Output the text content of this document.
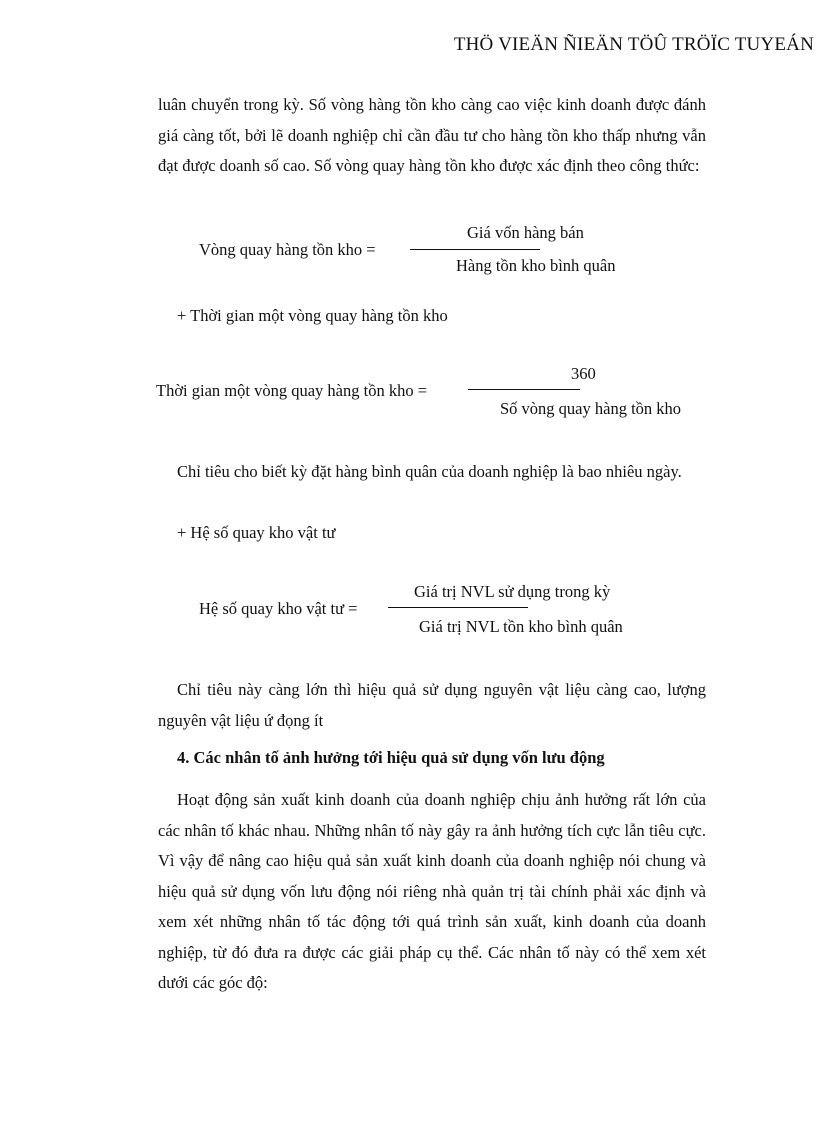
THÖ VIEÄN ÑIEÄN TÖÛ TRÖÏC TUYEÁN

luân chuyển trong kỳ. Số vòng hàng tồn kho càng cao việc kinh doanh được đánh giá càng tốt, bởi lẽ doanh nghiệp chỉ cần đầu tư cho hàng tồn kho thấp nhưng vẫn đạt được doanh số cao. Số vòng quay hàng tồn kho được xác định theo công thức:

Vòng quay hàng tồn kho =
Giá vốn hàng bán
Hàng tồn kho bình quân
+ Thời gian một vòng quay hàng tồn kho
Thời gian một vòng quay hàng tồn kho =
360
Số vòng quay hàng tồn kho

Chỉ tiêu cho biết kỳ đặt hàng bình quân của doanh nghiệp là bao nhiêu ngày.

+ Hệ số quay kho vật tư
Hệ số quay kho vật tư =
Giá trị NVL sử dụng trong kỳ
Giá trị NVL tồn kho bình quân

Chỉ tiêu này càng lớn thì hiệu quả sử dụng nguyên vật liệu càng cao, lượng nguyên vật liệu ứ đọng ít

4. Các nhân tố ảnh hưởng tới hiệu quả sử dụng vốn lưu động

Hoạt động sản xuất kinh doanh của doanh nghiệp chịu ảnh hưởng rất lớn của các nhân tố khác nhau. Những nhân tố này gây ra ảnh hưởng tích cực lẫn tiêu cực. Vì vậy để nâng cao hiệu quả sản xuất kinh doanh của doanh nghiệp nói chung và hiệu quả sử dụng vốn lưu động nói riêng nhà quản trị tài chính phải xác định và xem xét những nhân tố tác động tới quá trình sản xuất, kinh doanh của doanh nghiệp, từ đó đưa ra được các giải pháp cụ thể. Các nhân tố này có thể xem xét dưới các góc độ:
